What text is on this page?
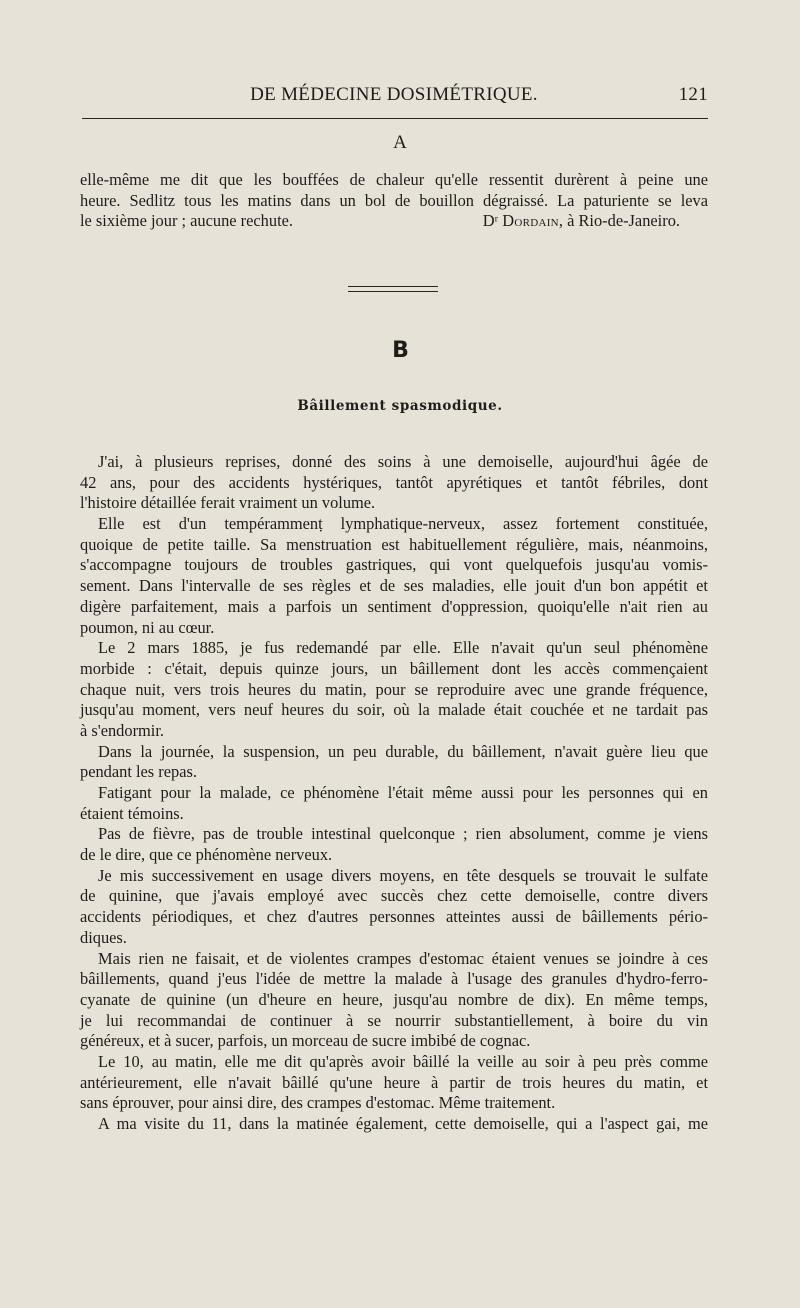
DE MÉDECINE DOSIMÉTRIQUE.	121
A
elle-même me dit que les bouffées de chaleur qu'elle ressentit durèrent à peine une
heure. Sedlitz tous les matins dans un bol de bouillon dégraissé. La paturiente se leva
le sixième jour ; aucune rechute.	Dʳ Dordain, à Rio-de-Janeiro.
B
Bâillement spasmodique.
J'ai, à plusieurs reprises, donné des soins à une demoiselle, aujourd'hui âgée de
42 ans, pour des accidents hystériques, tantôt apyrétiques et tantôt fébriles, dont
l'histoire détaillée ferait vraiment un volume.
Elle est d'un tempérammenṭ lymphatique-nerveux, assez fortement constituée,
quoique de petite taille. Sa menstruation est habituellement régulière, mais, néanmoins,
s'accompagne toujours de troubles gastriques, qui vont quelquefois jusqu'au vomis-
sement. Dans l'intervalle de ses règles et de ses maladies, elle jouit d'un bon appétit et
digère parfaitement, mais a parfois un sentiment d'oppression, quoiqu'elle n'ait rien au
poumon, ni au cœur.
Le 2 mars 1885, je fus redemandé par elle. Elle n'avait qu'un seul phénomène
morbide : c'était, depuis quinze jours, un bâillement dont les accès commençaient
chaque nuit, vers trois heures du matin, pour se reproduire avec une grande fréquence,
jusqu'au moment, vers neuf heures du soir, où la malade était couchée et ne tardait pas
à s'endormir.
Dans la journée, la suspension, un peu durable, du bâillement, n'avait guère lieu que
pendant les repas.
Fatigant pour la malade, ce phénomène l'était même aussi pour les personnes qui en
étaient témoins.
Pas de fièvre, pas de trouble intestinal quelconque ; rien absolument, comme je viens
de le dire, que ce phénomène nerveux.
Je mis successivement en usage divers moyens, en tête desquels se trouvait le sulfate
de quinine, que j'avais employé avec succès chez cette demoiselle, contre divers
accidents périodiques, et chez d'autres personnes atteintes aussi de bâillements pério-
diques.
Mais rien ne faisait, et de violentes crampes d'estomac étaient venues se joindre à ces
bâillements, quand j'eus l'idée de mettre la malade à l'usage des granules d'hydro-ferro-
cyanate de quinine (un d'heure en heure, jusqu'au nombre de dix). En même temps,
je lui recommandai de continuer à se nourrir substantiellement, à boire du vin
généreux, et à sucer, parfois, un morceau de sucre imbibé de cognac.
Le 10, au matin, elle me dit qu'après avoir bâillé la veille au soir à peu près comme
antérieurement, elle n'avait bâillé qu'une heure à partir de trois heures du matin, et
sans éprouver, pour ainsi dire, des crampes d'estomac. Même traitement.
A ma visite du 11, dans la matinée également, cette demoiselle, qui a l'aspect gai, me
